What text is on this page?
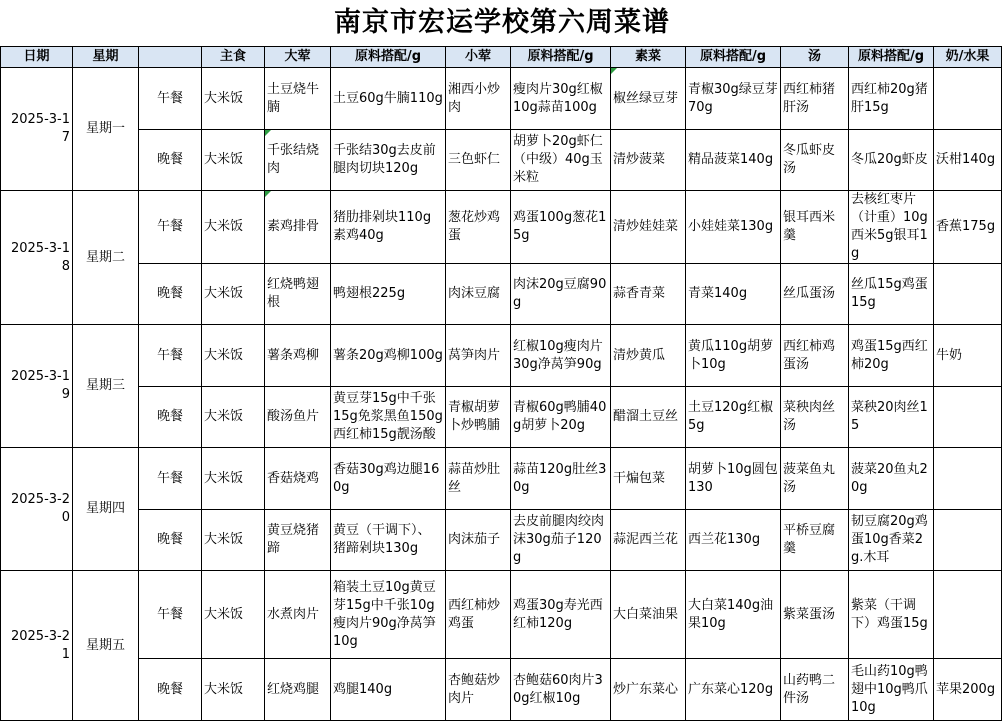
南京市宏运学校第六周菜谱
日期	星期		主食	大荤	原料搭配/g	小荤	原料搭配/g	素菜	原料搭配/g	汤	原料搭配/g	奶/水果
2025-3-17	星期一	午餐	大米饭	土豆烧牛腩	土豆60g牛腩110g	湘西小炒肉	瘦肉片30g红椒10g蒜苗100g	椒丝绿豆芽	青椒30g绿豆芽70g	西红柿猪肝汤	西红柿20g猪肝15g	
		晚餐	大米饭	千张结烧肉	千张结30g去皮前腿肉切块120g	三色虾仁	胡萝卜20g虾仁（中级）40g玉米粒	清炒菠菜	精品菠菜140g	冬瓜虾皮汤	冬瓜20g虾皮	沃柑140g
2025-3-18	星期二	午餐	大米饭	素鸡排骨	猪肋排剁块110g素鸡40g	葱花炒鸡蛋	鸡蛋100g葱花15g	清炒娃娃菜	小娃娃菜130g	银耳西米羹	去核红枣片（计重）10g西米5g银耳1g	香蕉175g
		晚餐	大米饭	红烧鸭翅根	鸭翅根225g	肉沫豆腐	肉沫20g豆腐90g	蒜香青菜	青菜140g	丝瓜蛋汤	丝瓜15g鸡蛋15g	
2025-3-19	星期三	午餐	大米饭	薯条鸡柳	薯条20g鸡柳100g	莴笋肉片	红椒10g瘦肉片30g净莴笋90g	清炒黄瓜	黄瓜110g胡萝卜10g	西红柿鸡蛋汤	鸡蛋15g西红柿20g	牛奶
		晚餐	大米饭	酸汤鱼片	黄豆芽15g中千张15g免浆黑鱼150g西红柿15g靓汤酸	青椒胡萝卜炒鸭脯	青椒60g鸭脯40g胡萝卜20g	醋溜土豆丝	土豆120g红椒5g	菜秧肉丝汤	菜秧20肉丝15	
2025-3-20	星期四	午餐	大米饭	香菇烧鸡	香菇30g鸡边腿160g	蒜苗炒肚丝	蒜苗120g肚丝30g	干煸包菜	胡萝卜10g圆包130	菠菜鱼丸汤	菠菜20鱼丸20g	
		晚餐	大米饭	黄豆烧猪蹄	黄豆（干调下）、猪蹄剁块130g	肉沫茄子	去皮前腿肉绞肉沫30g茄子120g	蒜泥西兰花	西兰花130g	平桥豆腐羹	韧豆腐20g鸡蛋10g香菜2g.木耳	
2025-3-21	星期五	午餐	大米饭	水煮肉片	箱装土豆10g黄豆芽15g中千张10g瘦肉片90g净莴笋10g	西红柿炒鸡蛋	鸡蛋30g寿光西红柿120g	大白菜油果	大白菜140g油果10g	紫菜蛋汤	紫菜（干调下）鸡蛋15g	
		晚餐	大米饭	红烧鸡腿	鸡腿140g	杏鲍菇炒肉片	杏鲍菇60肉片30g红椒10g	炒广东菜心	广东菜心120g	山药鸭二件汤	毛山药10g鸭翅中10g鸭爪10g	苹果200g
